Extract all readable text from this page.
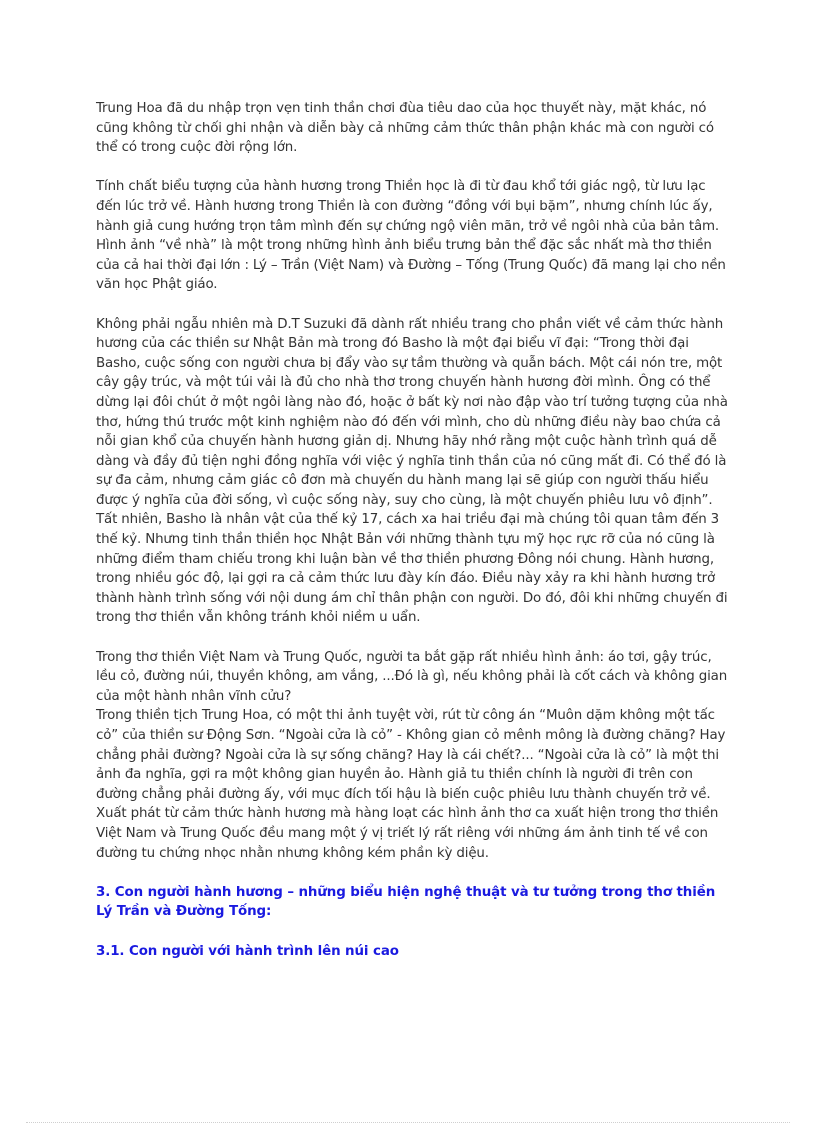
Trung Hoa đã du nhập trọn vẹn tinh thần chơi đùa tiêu dao của học thuyết này, mặt khác, nó cũng không từ chối ghi nhận và diễn bày cả những cảm thức thân phận khác mà con người có thể có trong cuộc đời rộng lớn.

Tính chất biểu tượng của hành hương trong Thiền học là đi từ đau khổ tới giác ngộ, từ lưu lạc đến lúc trở về. Hành hương trong Thiền là con đường “đồng với bụi bặm”, nhưng chính lúc ấy, hành giả cung hướng trọn tâm mình đến sự chứng ngộ viên mãn, trở về ngôi nhà của bản tâm. Hình ảnh “về nhà” là một trong những hình ảnh biểu trưng bản thể đặc sắc nhất mà thơ thiền của cả hai thời đại lớn : Lý – Trần (Việt Nam) và Đường – Tống (Trung Quốc) đã mang lại cho nền văn học Phật giáo.

Không phải ngẫu nhiên mà D.T Suzuki đã dành rất nhiều trang cho phần viết về cảm thức hành hương của các thiền sư Nhật Bản mà trong đó Basho là một đại biểu vĩ đại: “Trong thời đại Basho, cuộc sống con người chưa bị đẩy vào sự tầm thường và quẫn bách. Một cái nón tre, một cây gậy trúc, và một túi vải là đủ cho nhà thơ trong chuyến hành hương đời mình. Ông có thể dừng lại đôi chút ở một ngôi làng nào đó, hoặc ở bất kỳ nơi nào đập vào trí tưởng tượng của nhà thơ, hứng thú trước một kinh nghiệm nào đó đến với mình, cho dù những điều này bao chứa cả nỗi gian khổ của chuyến hành hương giản dị. Nhưng hãy nhớ rằng một cuộc hành trình quá dễ dàng và đầy đủ tiện nghi đồng nghĩa với việc ý nghĩa tinh thần của nó cũng mất đi. Có thể đó là sự đa cảm, nhưng cảm giác cô đơn mà chuyến du hành mang lại sẽ giúp con người thấu hiểu được ý nghĩa của đời sống, vì cuộc sống này, suy cho cùng, là một chuyến phiêu lưu vô định”. Tất nhiên, Basho là nhân vật của thế kỷ 17, cách xa hai triều đại mà chúng tôi quan tâm đến 3 thế kỷ. Nhưng tinh thần thiền học Nhật Bản với những thành tựu mỹ học rực rỡ của nó cũng là những điểm tham chiếu trong khi luận bàn về thơ thiền phương Đông nói chung. Hành hương, trong nhiều góc độ, lại gợi ra cả cảm thức lưu đày kín đáo. Điều này xảy ra khi hành hương trở thành hành trình sống với nội dung ám chỉ thân phận con người. Do đó, đôi khi những chuyến đi trong thơ thiền vẫn không tránh khỏi niềm u uẩn.

Trong thơ thiền Việt Nam và Trung Quốc, người ta bắt gặp rất nhiều hình ảnh: áo tơi, gậy trúc, lều cỏ, đường núi, thuyền không, am vắng, ...Đó là gì, nếu không phải là cốt cách và không gian của một hành nhân vĩnh cửu?

Trong thiền tịch Trung Hoa, có một thi ảnh tuyệt vời, rút từ công án “Muôn dặm không một tấc cỏ” của thiền sư Động Sơn. “Ngoài cửa là cỏ” - Không gian cỏ mênh mông là đường chăng? Hay chẳng phải đường? Ngoài cửa là sự sống chăng? Hay là cái chết?... “Ngoài cửa là cỏ” là một thi ảnh đa nghĩa, gợi ra một không gian huyền ảo. Hành giả tu thiền chính là người đi trên con đường chẳng phải đường ấy, với mục đích tối hậu là biến cuộc phiêu lưu thành chuyến trở về. Xuất phát từ cảm thức hành hương mà hàng loạt các hình ảnh thơ ca xuất hiện trong thơ thiền Việt Nam và Trung Quốc đều mang một ý vị triết lý rất riêng với những ám ảnh tinh tế về con đường tu chứng nhọc nhằn nhưng không kém phần kỳ diệu.

3. Con người hành hương – những biểu hiện nghệ thuật và tư tưởng trong thơ thiền Lý Trần và Đường Tống:

3.1. Con người với hành trình lên núi cao
